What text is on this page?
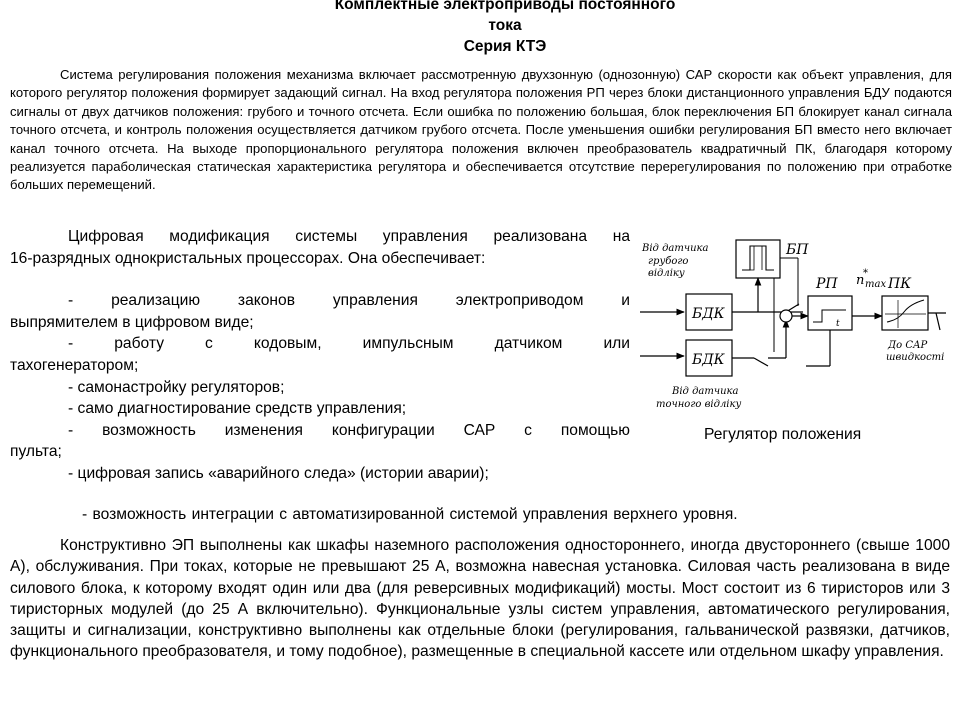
Комплектные электроприводы постоянного
тока
Серия КТЭ
Система регулирования положения механизма включает рассмотренную двухзонную (однозонную) САР скорости как объект управления, для которого регулятор положения формирует задающий сигнал. На вход регулятора положения РП через блоки дистанционного управления БДУ подаются сигналы от двух датчиков положения: грубого и точного отсчета. Если ошибка по положению большая, блок переключения БП блокирует канал сигнала точного отсчета, и контроль положения осуществляется датчиком грубого отсчета. После уменьшения ошибки регулирования БП вместо него включает канал точного отсчета. На выходе пропорционального регулятора положения включен преобразователь квадратичный ПК, благодаря которому реализуется параболическая статическая характеристика регулятора и обеспечивается отсутствие перерегулирования по положению при отработке больших перемещений.
Цифровая модификация системы управления реализована на
16-разрядных однокристальных процессорах. Она обеспечивает:
- реализацию законов управления электроприводом и
выпрямителем в цифровом виде;
- работу с кодовым, импульсным датчиком или
тахогенератором;
- самонастройку регуляторов;
- само диагностирование средств управления;
- возможность изменения конфигурации САР с помощью
пульта;
- цифровая запись «аварийного следа» (истории аварии);
- возможность интеграции с автоматизированной системой управления верхнего уровня.
Конструктивно ЭП выполнены как шкафы наземного расположения одностороннего, иногда двустороннего (свыше 1000 А), обслуживания. При токах, которые не превышают 25 А, возможна навесная установка. Силовая часть реализована в виде силового блока, к которому входят один или два (для реверсивных модификаций) мосты. Мост состоит из 6 тиристоров или 3 тиристорных модулей (до 25 А включительно). Функциональные узлы систем управления, автоматического регулирования, защиты и сигнализации, конструктивно выполнены как отдельные блоки (регулирования, гальванической развязки, датчиков, функционального преобразователя, и тому подобное), размещенные в специальной кассете или отдельном шкафу управления.
Від датчика
грубого
відліку
БДК
БДК
БП
t
РП n
*
max ПК
До САР
швидкості
Від датчика
точного відліку
Регулятор положения
